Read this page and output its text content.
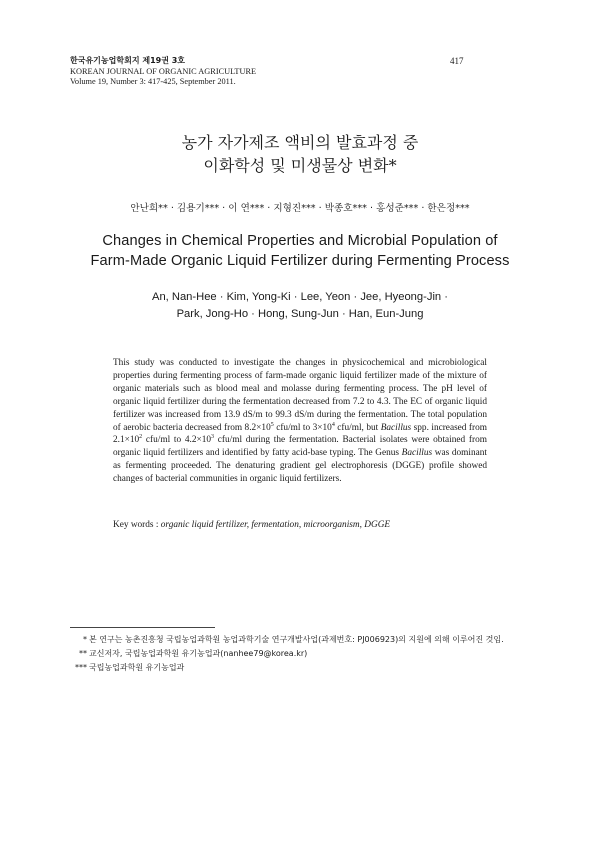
한국유기농업학회지 제19권 3호
KOREAN JOURNAL OF ORGANIC AGRICULTURE
Volume 19, Number 3: 417-425, September 2011.
417
농가 자가제조 액비의 발효과정 중
이화학성 및 미생물상 변화*
안난희** · 김용기*** · 이 연*** · 지형진*** · 박종호*** · 홍성준*** · 한은정***
Changes in Chemical Properties and Microbial Population of
Farm-Made Organic Liquid Fertilizer during Fermenting Process
An, Nan-Hee · Kim, Yong-Ki · Lee, Yeon · Jee, Hyeong-Jin ·
Park, Jong-Ho · Hong, Sung-Jun · Han, Eun-Jung
This study was conducted to investigate the changes in physicochemical and microbiological properties during fermenting process of farm-made organic liquid fertilizer made of the mixture of organic materials such as blood meal and molasse during fermenting process. The pH level of organic liquid fertilizer during the fermentation decreased from 7.2 to 4.3. The EC of organic liquid fertilizer was increased from 13.9 dS/m to 99.3 dS/m during the fermentation. The total population of aerobic bacteria decreased from $8.2\times 10^5$ cfu/ml to $3\times 10^4$ cfu/ml, but Bacillus spp. increased from $2.1\times 10^2$ cfu/ml to $4.2\times 10^3$ cfu/ml during the fermentation. Bacterial isolates were obtained from organic liquid fertilizers and identified by fatty acid-base typing. The Genus Bacillus was dominant as fermenting proceeded. The denaturing gradient gel electrophoresis (DGGE) profile showed changes of bacterial communities in organic liquid fertilizers.
Key words : organic liquid fertilizer, fermentation, microorganism, DGGE
* 본 연구는 농촌진흥청 국립농업과학원 농업과학기술 연구개발사업(과제번호: PJ006923)의 지원에 의해 이루어진 것임.
** 교신저자, 국립농업과학원 유기농업과(nanhee79@korea.kr)
*** 국립농업과학원 유기농업과
